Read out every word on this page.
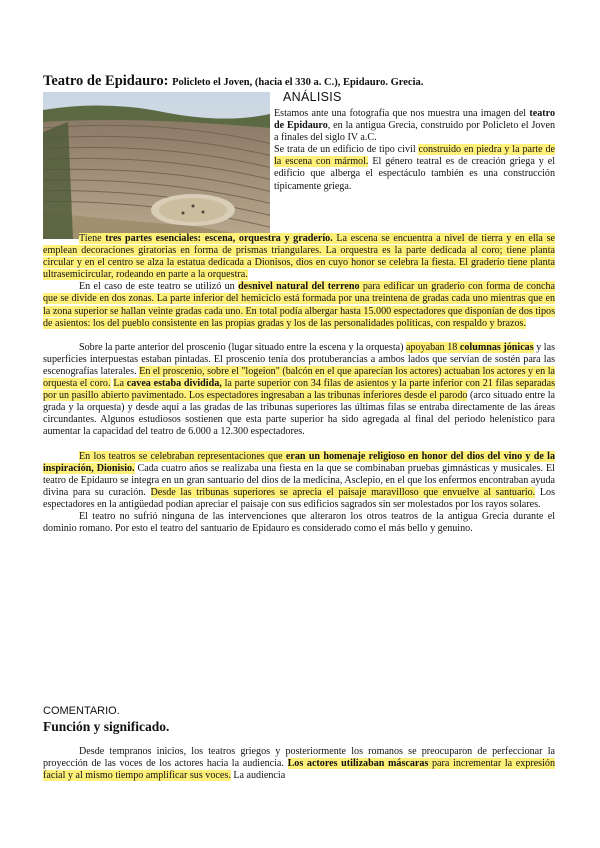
Teatro de Epidauro: Policleto el Joven, (hacia el 330 a. C.), Epidauro. Grecia.
ANÁLISIS

Estamos ante una fotografía que nos muestra una imagen del teatro de Epidauro, en la antigua Grecia, construido por Policleto el Joven a finales del siglo IV a.C.

Se trata de un edificio de tipo civil construido en piedra y la parte de la escena con mármol. El género teatral es de creación griega y el edificio que alberga el espectáculo también es una construcción típicamente griega.

Tiene tres partes esenciales: escena, orquestra y graderío. La escena se encuentra a nivel de tierra y en ella se emplean decoraciones giratorias en forma de prismas triangulares. La orquestra es la parte dedicada al coro; tiene planta circular y en el centro se alza la estatua dedicada a Dionisos, dios en cuyo honor se celebra la fiesta. El graderío tiene planta ultrasemicircular, rodeando en parte a la orquestra.

En el caso de este teatro se utilizó un desnivel natural del terreno para edificar un graderío con forma de concha que se divide en dos zonas. La parte inferior del hemiciclo está formada por una treintena de gradas cada uno mientras que en la zona superior se hallan veinte gradas cada uno. En total podía albergar hasta 15.000 espectadores que disponían de dos tipos de asientos: los del pueblo consistente en las propias gradas y los de las personalidades políticas, con respaldo y brazos.

Sobre la parte anterior del proscenio (lugar situado entre la escena y la orquesta) apoyaban 18 columnas jónicas y las superficies interpuestas estaban pintadas. El proscenio tenía dos protuberancias a ambos lados que servían de sostén para las escenografías laterales. En el proscenio, sobre el "logeion" (balcón en el que aparecían los actores) actuaban los actores y en la orquesta el coro. La cavea estaba dividida, la parte superior con 34 filas de asientos y la parte inferior con 21 filas separadas por un pasillo abierto pavimentado. Los espectadores ingresaban a las tribunas inferiores desde el parodo (arco situado entre la grada y la orquesta) y desde aquí a las gradas de las tribunas superiores las últimas filas se entraba directamente de las áreas circundantes. Algunos estudiosos sostienen que esta parte superior ha sido agregada al final del periodo helenístico para aumentar la capacidad del teatro de 6.000 a 12.300 espectadores.

En los teatros se celebraban representaciones que eran un homenaje religioso en honor del dios del vino y de la inspiración, Dionisio. Cada cuatro años se realizaba una fiesta en la que se combinaban pruebas gimnásticas y musicales. El teatro de Epidauro se integra en un gran santuario del dios de la medicina, Asclepio, en el que los enfermos encontraban ayuda divina para su curación. Desde las tribunas superiores se aprecia el paisaje maravilloso que envuelve al santuario. Los espectadores en la antigüedad podían apreciar el paisaje con sus edificios sagrados sin ser molestados por los rayos solares.

El teatro no sufrió ninguna de las intervenciones que alteraron los otros teatros de la antigua Grecia durante el dominio romano. Por esto el teatro del santuario de Epidauro es considerado como el más bello y genuino.

COMENTARIO.
Función y significado.

Desde tempranos inicios, los teatros griegos y posteriormente los romanos se preocuparon de perfeccionar la proyección de las voces de los actores hacia la audiencia. Los actores utilizaban máscaras para incrementar la expresión facial y al mismo tiempo amplificar sus voces. La audiencia
